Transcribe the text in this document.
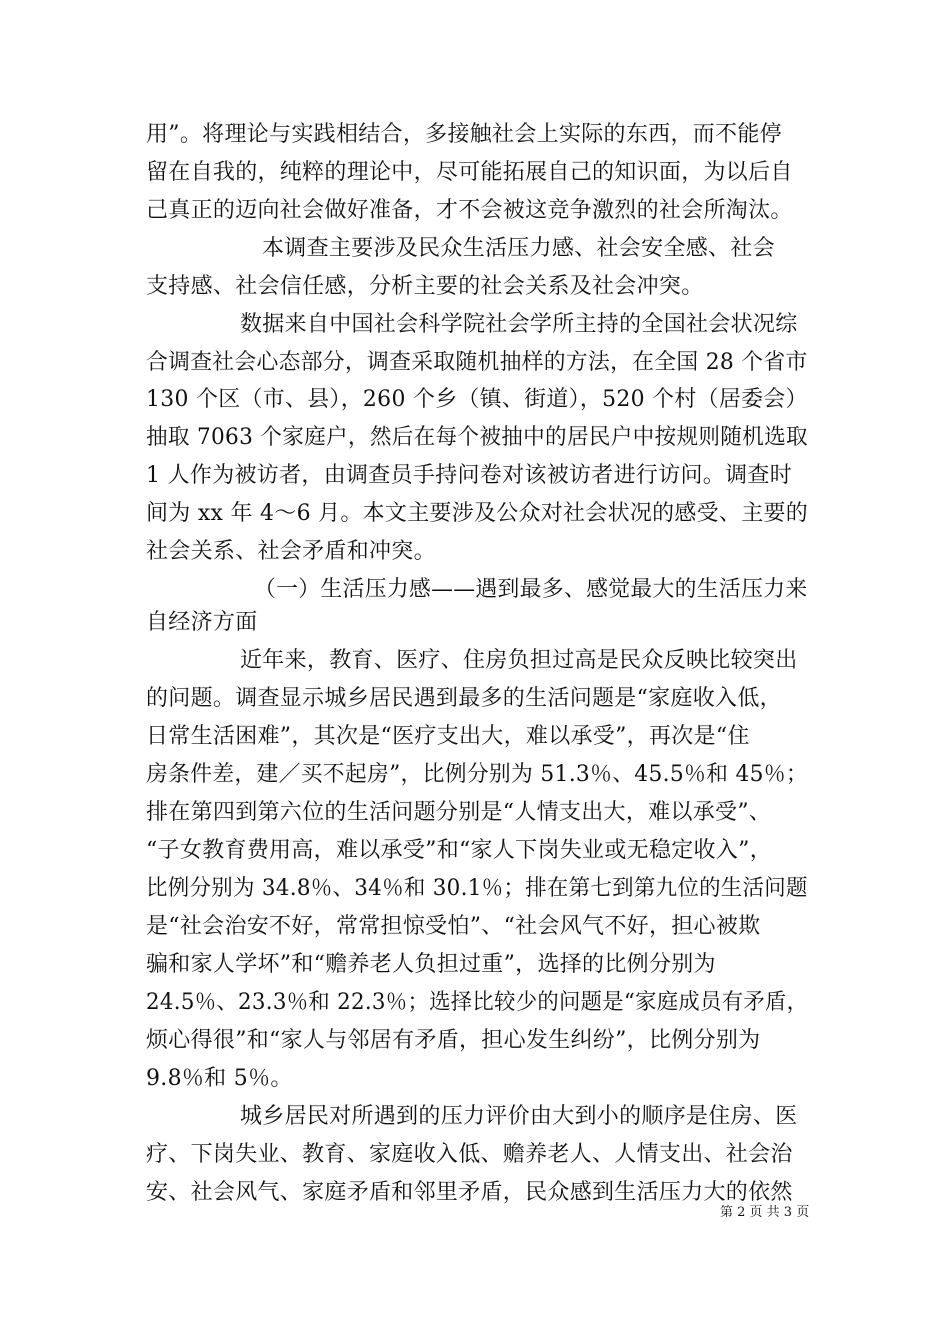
用”。将理论与实践相结合，多接触社会上实际的东西，而不能停
留在自我的，纯粹的理论中，尽可能拓展自己的知识面，为以后自
己真正的迈向社会做好准备，才不会被这竞争激烈的社会所淘汰。
本调查主要涉及民众生活压力感、社会安全感、社会
支持感、社会信任感，分析主要的社会关系及社会冲突。
数据来自中国社会科学院社会学所主持的全国社会状况综
合调查社会心态部分，调查采取随机抽样的方法，在全国 28 个省市
130 个区（市、县），260 个乡（镇、街道），520 个村（居委会）
抽取 7063 个家庭户，然后在每个被抽中的居民户中按规则随机选取
1 人作为被访者，由调查员手持问卷对该被访者进行访问。调查时
间为 xx 年 4～6 月。本文主要涉及公众对社会状况的感受、主要的
社会关系、社会矛盾和冲突。
（一）生活压力感——遇到最多、感觉最大的生活压力来
自经济方面
近年来，教育、医疗、住房负担过高是民众反映比较突出
的问题。调查显示城乡居民遇到最多的生活问题是“家庭收入低，
日常生活困难”，其次是“医疗支出大，难以承受”，再次是“住
房条件差，建／买不起房”，比例分别为 51.3％、45.5％和 45％；
排在第四到第六位的生活问题分别是“人情支出大，难以承受”、
“子女教育费用高，难以承受”和“家人下岗失业或无稳定收入”，
比例分别为 34.8％、34％和 30.1％；排在第七到第九位的生活问题
是“社会治安不好，常常担惊受怕”、“社会风气不好，担心被欺
骗和家人学坏”和“赡养老人负担过重”，选择的比例分别为
24.5％、23.3％和 22.3％；选择比较少的问题是“家庭成员有矛盾，
烦心得很”和“家人与邻居有矛盾，担心发生纠纷”，比例分别为
9.8％和 5％。
城乡居民对所遇到的压力评价由大到小的顺序是住房、医
疗、下岗失业、教育、家庭收入低、赡养老人、人情支出、社会治
安、社会风气、家庭矛盾和邻里矛盾，民众感到生活压力大的依然
第 2 页 共 3 页
